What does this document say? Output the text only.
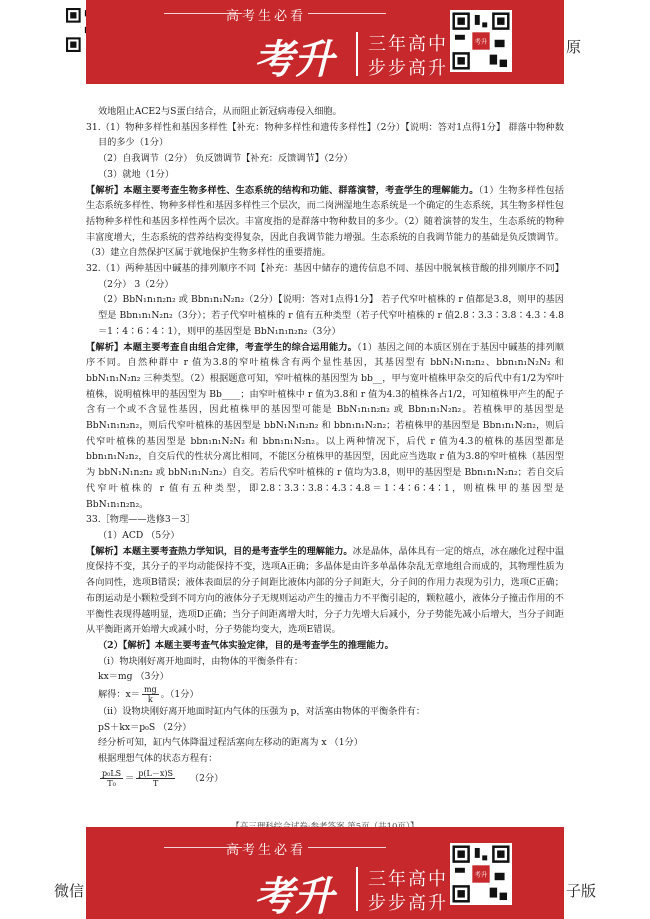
原
高考生必看
考升 三年高中
步步高升
考升

效地阻止ACE2与S蛋白结合，从而阻止新冠病毒侵入细胞。

31.（1）物种多样性和基因多样性【补充：物种多样性和遗传多样性】（2分）【说明：答对1点得1分】 群落中物种数目的多少（1分）

（2）自我调节（2分） 负反馈调节【补充：反馈调节】（2分）

（3）就地（1分）

【解析】本题主要考查生物多样性、生态系统的结构和功能、群落演替，考查学生的理解能力。（1）生物多样性包括生态系统多样性、物种多样性和基因多样性三个层次，而二岗洲湿地生态系统是一个确定的生态系统，其生物多样性包括物种多样性和基因多样性两个层次。丰富度指的是群落中物种数目的多少。（2）随着演替的发生，生态系统的物种丰富度增大，生态系统的营养结构变得复杂，因此自我调节能力增强。生态系统的自我调节能力的基础是负反馈调节。（3）建立自然保护区属于就地保护生物多样性的重要措施。

32.（1）两种基因中碱基的排列顺序不同【补充：基因中储存的遗传信息不同、基因中脱氧核苷酸的排列顺序不同】（2分） 3（2分）

（2）BbN₁n₁n₂n₂ 或 Bbn₁n₁N₂n₂（2分）【说明：答对1点得1分】 若子代窄叶植株的 r 值都是3.8，则甲的基因型是 Bbn₁n₁N₂n₂（3分）；若子代窄叶植株的 r 值有五种类型（若子代窄叶植株的 r 值2.8∶3.3∶3.8∶4.3∶4.8＝1∶4∶6∶4∶1），则甲的基因型是 BbN₁n₁n₂n₂（3分）

【解析】本题主要考查自由组合定律，考查学生的综合运用能力。（1）基因之间的本质区别在于基因中碱基的排列顺序不同。自然种群中 r 值为3.8的窄叶植株含有两个显性基因，其基因型有 bbN₁N₁n₂n₂、bbn₁n₁N₂N₂ 和 bbN₁n₁N₂n₂ 三种类型。（2）根据题意可知，窄叶植株的基因型为 bb__，甲与宽叶植株甲杂交的后代中有1/2为窄叶植株，说明植株甲的基因型为 Bb____；由窄叶植株中 r 值为3.8和 r 值为4.3的植株各占1/2，可知植株甲产生的配子含有一个或不含显性基因，因此植株甲的基因型可能是 BbN₁n₁n₂n₂ 或 Bbn₁n₁N₂n₂。若植株甲的基因型是 BbN₁n₁n₂n₂，则后代窄叶植株的基因型是 bbN₁N₁n₂n₂ 和 bbn₁n₁N₂n₂；若植株甲的基因型是 Bbn₁n₁N₂n₂，则后代窄叶植株的基因型是 bbn₁n₁N₂N₂ 和 bbn₁n₁N₂n₂。以上两种情况下，后代 r 值为4.3的植株的基因型都是 bbn₁n₁N₂n₂，自交后代的性状分离比相同，不能区分植株甲的基因型，因此应当选取 r 值为3.8的窄叶植株（基因型为 bbN₁N₁n₂n₂ 或 bbN₁n₁N₂n₂）自交。若后代窄叶植株的 r 值均为3.8，则甲的基因型是 Bbn₁n₁N₂n₂；若自交后代窄叶植株的 r 值有五种类型，即2.8∶3.3∶3.8∶4.3∶4.8＝1∶4∶6∶4∶1，则植株甲的基因型是 BbN₁n₁n₂n₂。

33.［物理——选修3－3］

（1）ACD （5分）

【解析】本题主要考查热力学知识，目的是考查学生的理解能力。冰是晶体，晶体具有一定的熔点，冰在融化过程中温度保持不变，其分子的平均动能保持不变，选项A正确；多晶体是由许多单晶体杂乱无章地组合而成的，其物理性质为各向同性，选项B错误；液体表面层的分子间距比液体内部的分子间距大，分子间的作用力表现为引力，选项C正确；布朗运动是小颗粒受到不同方向的液体分子无规则运动产生的撞击力不平衡引起的，颗粒越小，液体分子撞击作用的不平衡性表现得越明显，选项D正确；当分子间距离增大时，分子力先增大后减小，分子势能先减小后增大，当分子间距从平衡距离开始增大或减小时，分子势能均变大，选项E错误。

（2）【解析】本题主要考查气体实验定律，目的是考查学生的推理能力。

（ⅰ）物块刚好离开地面时，由物体的平衡条件有：

kx＝mg （3分）

解得：$x= \frac{mg}{k}$ 。（1分）

（ⅱ）设物块刚好离开地面时缸内气体的压强为 p，对活塞由物体的平衡条件有：

pS＋kx＝p₀S （2分）

经分析可知，缸内气体降温过程活塞向左移动的距离为 x （1分）

根据理想气体的状态方程有：

$\frac{\text{p₀LS}}{\text{T₀}} = \frac{p(L-x)S}{T} (2$分）

高考生必看
考升 三年高中
步步高升
考升
微信	子版
